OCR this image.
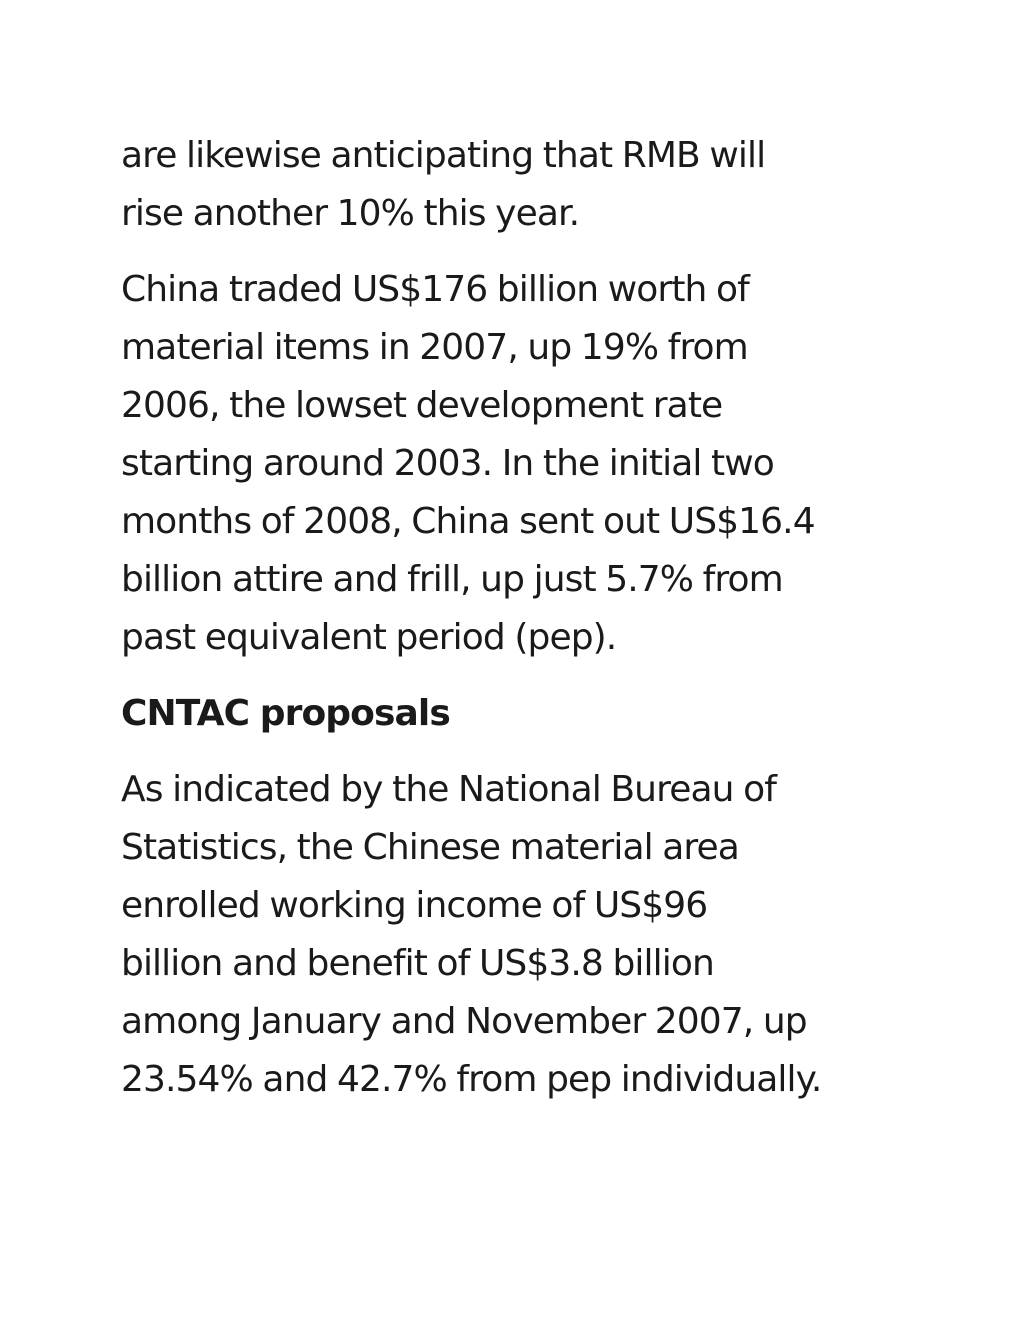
are likewise anticipating that RMB will
rise another 10% this year.

China traded US$176 billion worth of
material items in 2007, up 19% from
2006, the lowset development rate
starting around 2003. In the initial two
months of 2008, China sent out US$16.4
billion attire and frill, up just 5.7% from
past equivalent period (pep).

CNTAC proposals

As indicated by the National Bureau of
Statistics, the Chinese material area
enrolled working income of US$96
billion and benefit of US$3.8 billion
among January and November 2007, up
23.54% and 42.7% from pep individually.
